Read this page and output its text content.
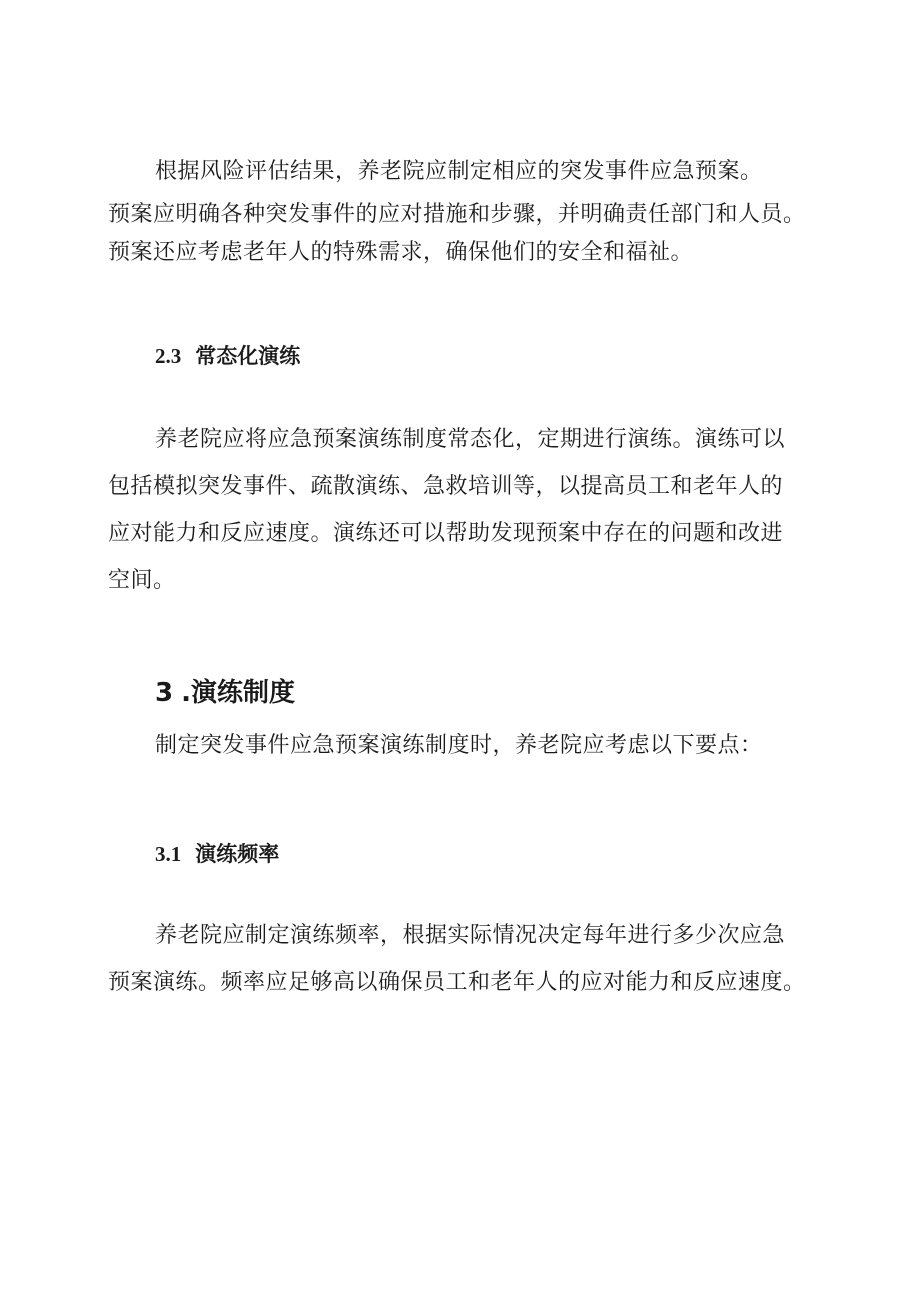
根据风险评估结果，养老院应制定相应的突发事件应急预案。
预案应明确各种突发事件的应对措施和步骤，并明确责任部门和人员。
预案还应考虑老年人的特殊需求，确保他们的安全和福祉。
2.3 常态化演练
养老院应将应急预案演练制度常态化，定期进行演练。演练可以
包括模拟突发事件、疏散演练、急救培训等，以提高员工和老年人的
应对能力和反应速度。演练还可以帮助发现预案中存在的问题和改进
空间。
3 .演练制度
制定突发事件应急预案演练制度时，养老院应考虑以下要点：
3.1 演练频率
养老院应制定演练频率，根据实际情况决定每年进行多少次应急
预案演练。频率应足够高以确保员工和老年人的应对能力和反应速度。
